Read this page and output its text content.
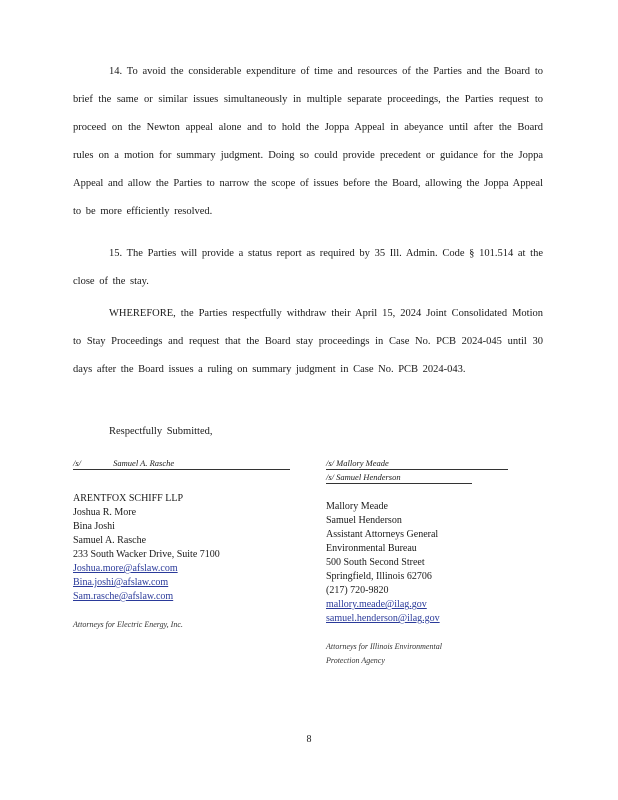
14. To avoid the considerable expenditure of time and resources of the Parties and the Board to brief the same or similar issues simultaneously in multiple separate proceedings, the Parties request to proceed on the Newton appeal alone and to hold the Joppa Appeal in abeyance until after the Board rules on a motion for summary judgment. Doing so could provide precedent or guidance for the Joppa Appeal and allow the Parties to narrow the scope of issues before the Board, allowing the Joppa Appeal to be more efficiently resolved.

15. The Parties will provide a status report as required by 35 Ill. Admin. Code § 101.514 at the close of the stay.

WHEREFORE, the Parties respectfully withdraw their April 15, 2024 Joint Consolidated Motion to Stay Proceedings and request that the Board stay proceedings in Case No. PCB 2024-045 until 30 days after the Board issues a ruling on summary judgment in Case No. PCB 2024-043.

Respectfully Submitted,

/s/	Samuel A. Rasche	/s/ Mallory Meade
/s/ Samuel Henderson
ARENTFOX SCHIFF LLP
Joshua R. More
Bina Joshi
Samuel A. Rasche
233 South Wacker Drive, Suite 7100
Joshua.more@afslaw.com
Bina.joshi@afslaw.com
Sam.rasche@afslaw.com
Attorneys for Electric Energy, Inc.
Mallory Meade
Samuel Henderson
Assistant Attorneys General
Environmental Bureau
500 South Second Street
Springfield, Illinois 62706
(217) 720-9820
mallory.meade@ilag.gov
samuel.henderson@ilag.gov
Attorneys for Illinois Environmental
Protection Agency
8
